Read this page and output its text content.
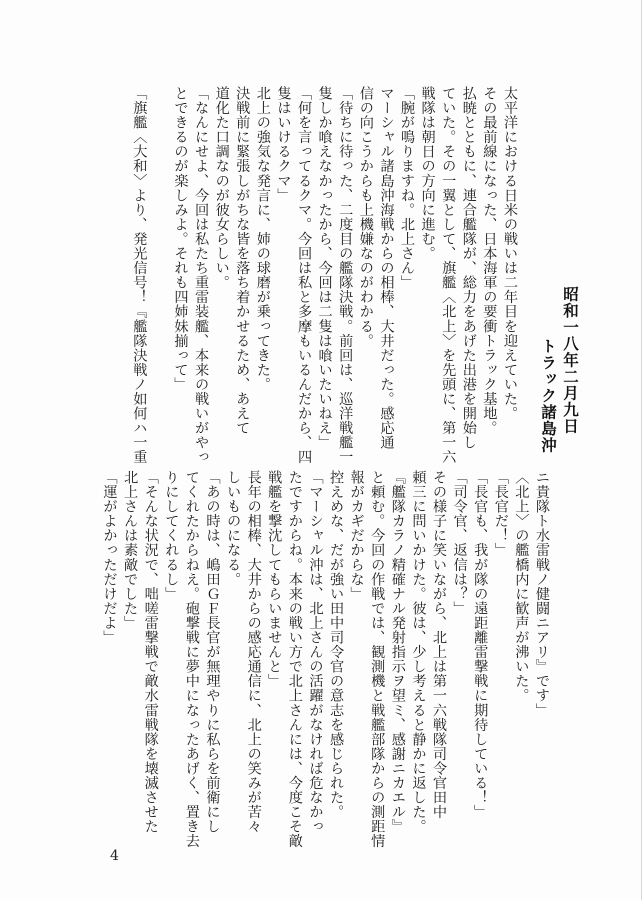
昭和一八年二月九日
トラック諸島沖
太平洋における日米の戦いは二年目を迎えていた。
その最前線になった、日本海軍の要衝トラック基地。
払暁とともに、連合艦隊が、総力をあげた出港を開始し
ていた。その一翼として、旗艦〈北上〉を先頭に、第一六
戦隊は朝日の方向に進む。
「腕が鳴りますね。北上さん」
マーシャル諸島沖海戦からの相棒、大井だった。感応通
信の向こうからも上機嫌なのがわかる。
「待ちに待った、二度目の艦隊決戦。前回は、巡洋戦艦一
隻しか喰えなかったから、今回は二隻は喰いたいねえ」
「何を言ってるクマ。今回は私と多摩もいるんだから、四
隻はいけるクマ」
北上の強気な発言に、姉の球磨が乗ってきた。
決戦前に緊張しがちな皆を落ち着かせるため、あえて
道化た口調なのが彼女らしい。
「なんにせよ、今回は私たち重雷装艦、本来の戦いがやっ
とできるのが楽しみよ。それも四姉妹揃って」

「旗艦〈大和〉より、発光信号！『艦隊決戦ノ如何ハ一重
ニ貴隊ト水雷戦ノ健闘ニアリ』です」
〈北上〉の艦橋内に歓声が沸いた。
「長官だ！」
「長官も、我が隊の遠距離雷撃戦に期待している！」
「司令官、返信は？」
その様子に笑いながら、北上は第一六戦隊司令官田中
頼三に問いかけた。彼は、少し考えると静かに返した。
『艦隊カラノ精確ナル発射指示ヲ望ミ、感謝ニカエル』
と頼む。今回の作戦では、観測機と戦艦部隊からの測距情
報がカギだからな」
控えめな、だが強い田中司令官の意志を感じられた。
「マーシャル沖は、北上さんの活躍がなければ危なかっ
たですからね。本来の戦い方で北上さんには、今度こそ敵
戦艦を撃沈してもらいませんと」
長年の相棒、大井からの感応通信に、北上の笑みが苦々
しいものになる。
「あの時は、嶋田ＧＦ長官が無理やりに私らを前衛にし
てくれたからねえ。砲撃戦に夢中になったあげく、置き去
りにしてくれるし」
「そんな状況で、咄嗟雷撃戦で敵水雷戦隊を壊滅させた
北上さんは素敵でした」
「運がよかっただけだよ」
4
